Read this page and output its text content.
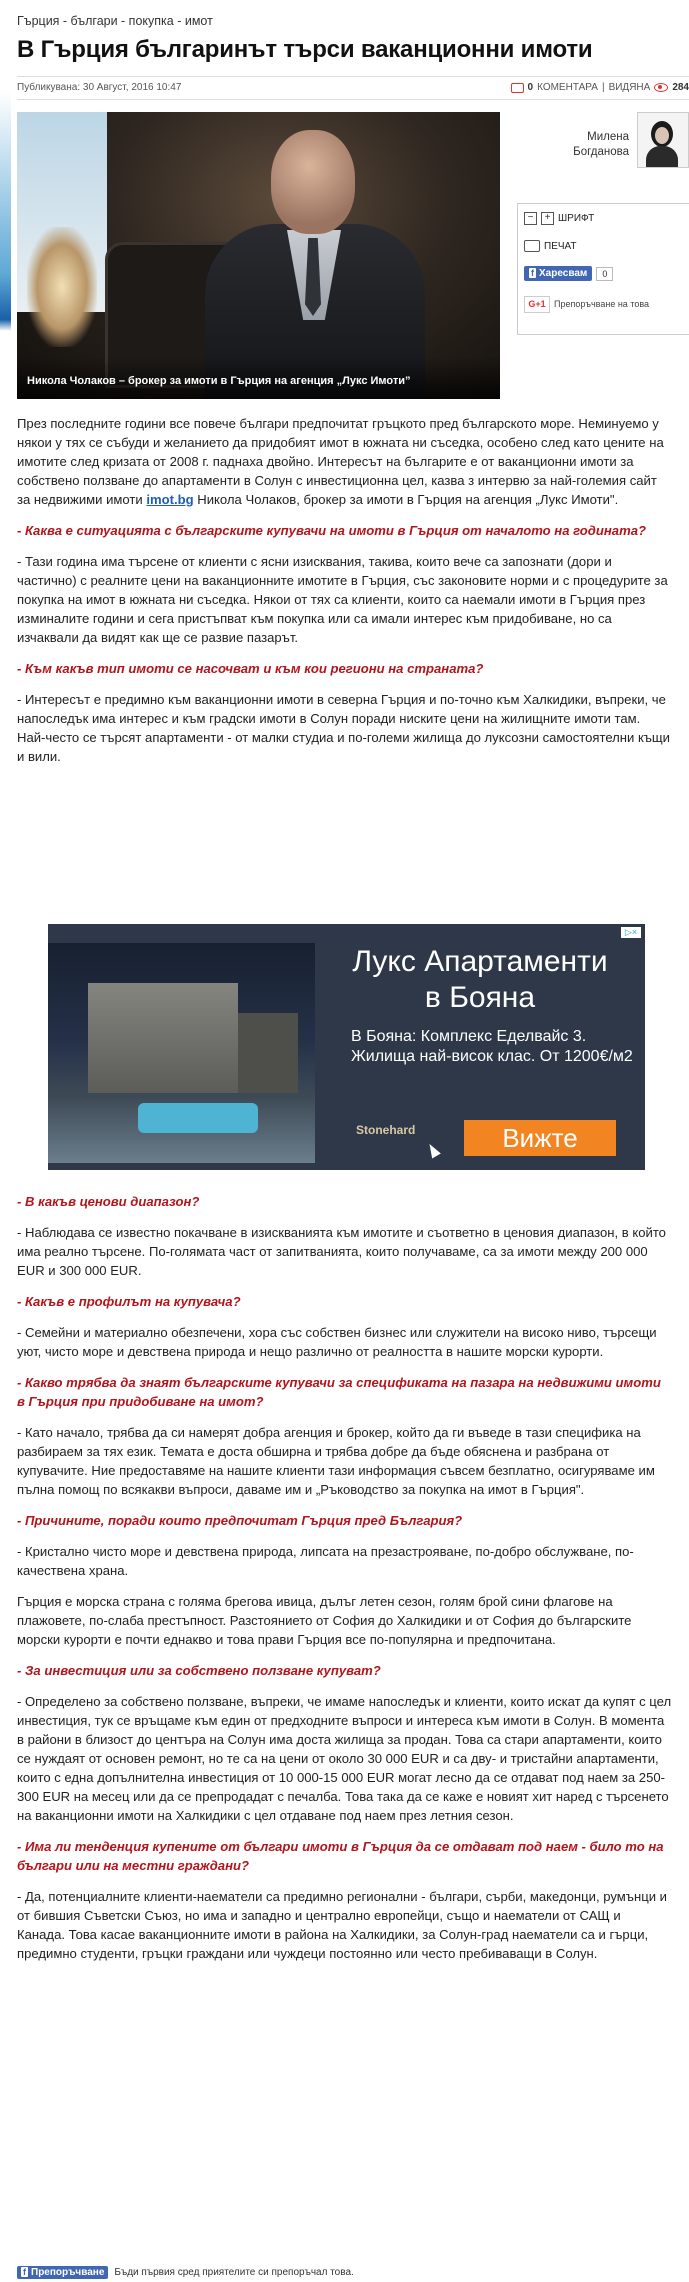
Гърция - българи - покупка - имот
В Гърция българинът търси ваканционни имоти
Публикувана: 30 Август, 2016 10:47	0 КОМЕНТАРА | ВИДЯНА 284
Никола Чолаков – брокер за имоти в Гърция на агенция „Лукс Имоти”
Милена
Богданова
−	+ ШРИФТ
ПЕЧАТ
f Харесвам	0
G+1 Препоръчване на това

През последните години все повече българи предпочитат гръцкото пред българското море. Неминуемо у някои у тях се събуди и желанието да придобият имот в южната ни съседка, особено след като цените на имотите след кризата от 2008 г. паднаха двойно. Интересът на българите е от ваканционни имоти за собствено ползване до апартаменти в Солун с инвестиционна цел, казва з интервю за най-големия сайт за недвижими имоти imot.bg Никола Чолаков, брокер за имоти в Гърция на агенция „Лукс Имоти".

- Каква е ситуацията с българските купувачи на имоти в Гърция от началото на годината?

- Тази година има търсене от клиенти с ясни изисквания, такива, които вече са запознати (дори и частично) с реалните цени на ваканционните имотите в Гърция, със законовите норми и с процедурите за покупка на имот в южната ни съседка. Някои от тях са клиенти, които са наемали имоти в Гърция през изминалите години и сега пристъпват към покупка или са имали интерес към придобиване, но са изчаквали да видят как ще се развие пазарът.

- Към какъв тип имоти се насочват и към кои региони на страната?

- Интересът е предимно към ваканционни имоти в северна Гърция и по-точно към Халкидики, въпреки, че напоследък има интерес и към градски имоти в Солун поради ниските цени на жилищните имоти там. Най-често се търсят апартаменти - от малки студиа и по-големи жилища до луксозни самостоятелни къщи и вили.

▷×
Лукс Апартаменти
в Бояна
В Бояна: Комплекс Еделвайс 3. Жилища най-висок клас. От 1200€/м2
Stonehard	Вижте

- В какъв ценови диапазон?

- Наблюдава се известно покачване в изискванията към имотите и съответно в ценовия диапазон, в който има реално търсене. По-голямата част от запитванията, които получаваме, са за имоти между 200 000 EUR и 300 000 EUR.

- Какъв е профилът на купувача?

- Семейни и материално обезпечени, хора със собствен бизнес или служители на високо ниво, търсещи уют, чисто море и девствена природа и нещо различно от реалността в нашите морски курорти.

- Какво трябва да знаят българските купувачи за спецификата на пазара на недвижими имоти в Гърция при придобиване на имот?

- Като начало, трябва да си намерят добра агенция и брокер, който да ги въведе в тази специфика на разбираем за тях език. Темата е доста обширна и трябва добре да бъде обяснена и разбрана от купувачите. Ние предоставяме на нашите клиенти тази информация съвсем безплатно, осигуряваме им пълна помощ по всякакви въпроси, даваме им и „Ръководство за покупка на имот в Гърция".

- Причините, поради които предпочитат Гърция пред България?

- Кристално чисто море и девствена природа, липсата на презастрояване, по-добро обслужване, по-качествена храна.

Гърция е морска страна с голяма брегова ивица, дълъг летен сезон, голям брой сини флагове на плажовете, по-слаба престъпност. Разстоянието от София до Халкидики и от София до българските морски курорти е почти еднакво и това прави Гърция все по-популярна и предпочитана.

- За инвестиция или за собствено ползване купуват?

- Определено за собствено ползване, въпреки, че имаме напоследък и клиенти, които искат да купят с цел инвестиция, тук се връщаме към един от предходните въпроси и интереса към имоти в Солун. В момента в райони в близост до центъра на Солун има доста жилища за продан. Това са стари апартаменти, които се нуждаят от основен ремонт, но те са на цени от около 30 000 EUR и са дву- и тристайни апартаменти, които с една допълнителна инвестиция от 10 000-15 000 EUR могат лесно да се отдават под наем за 250-300 EUR на месец или да се препродадат с печалба. Това така да се каже е новият хит наред с търсенето на ваканционни имоти на Халкидики с цел отдаване под наем през летния сезон.

- Има ли тенденция купените от българи имоти в Гърция да се отдават под наем - било то на българи или на местни граждани?

- Да, потенциалните клиенти-наематели са предимно регионални - българи, сърби, македонци, румънци и от бившия Съветски Съюз, но има и западно и централно европейци, също и наематели от САЩ и Канада. Това касае ваканционните имоти в района на Халкидики, за Солун-град наематели са и гърци, предимно студенти, гръцки граждани или чуждеци постоянно или често пребиваващи в Солун.

f Препоръчване	Бъди първия сред приятелите си препоръчал това.
